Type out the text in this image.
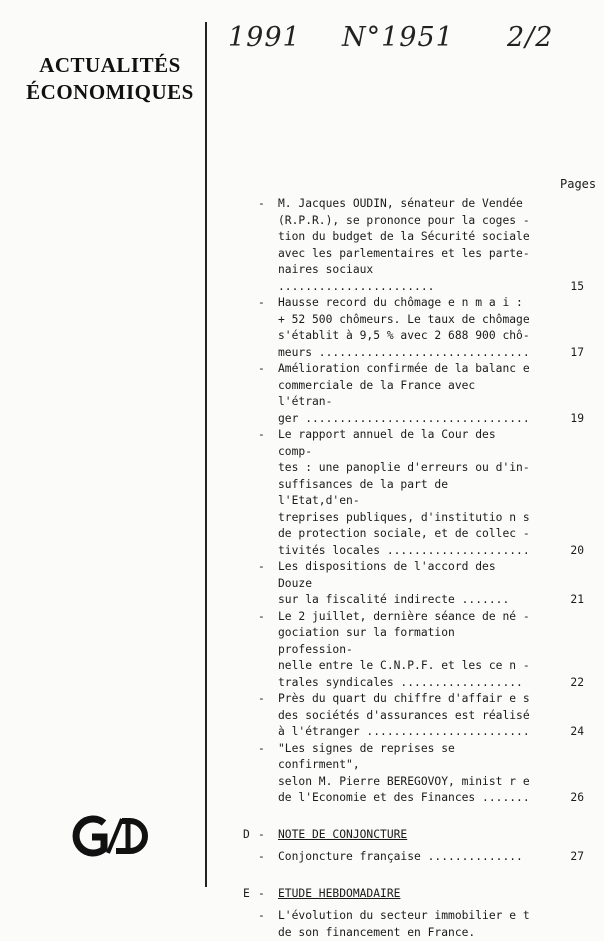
ACTUALITÉS
ÉCONOMIQUES
1991 N°1951 2/2
Pages
- M. Jacques OUDIN, sénateur de Vendée
(R.P.R.), se prononce pour la coges -
tion du budget de la Sécurité sociale
avec les parlementaires et les parte-
naires sociaux .......................	15
- Hausse record du chômage e n m a i :
+ 52 500 chômeurs. Le taux de chômage
s'établit à 9,5 % avec 2 688 900 chô-
meurs ...............................	17
- Amélioration confirmée de la balanc e
commerciale de la France avec l'étran-
ger .................................	19
- Le rapport annuel de la Cour des comp-
tes : une panoplie d'erreurs ou d'in-
suffisances de la part de l'Etat,d'en-
treprises publiques, d'institutio n s
de protection sociale, et de collec -
tivités locales .....................	20
- Les dispositions de l'accord des Douze
sur la fiscalité indirecte .......	21
- Le 2 juillet, dernière séance de né -
gociation sur la formation profession-
nelle entre le C.N.P.F. et les ce n -
trales syndicales ..................	22
- Près du quart du chiffre d'affair e s
des sociétés d'assurances est réalisé
à l'étranger ........................	24
- "Les signes de reprises se confirment",
selon M. Pierre BEREGOVOY, minist r e
de l'Economie et des Finances .......	26
D - NOTE DE CONJONCTURE
- Conjoncture française ..............	27
E - ETUDE HEBDOMADAIRE
- L'évolution du secteur immobilier e t
de son financement en France.
